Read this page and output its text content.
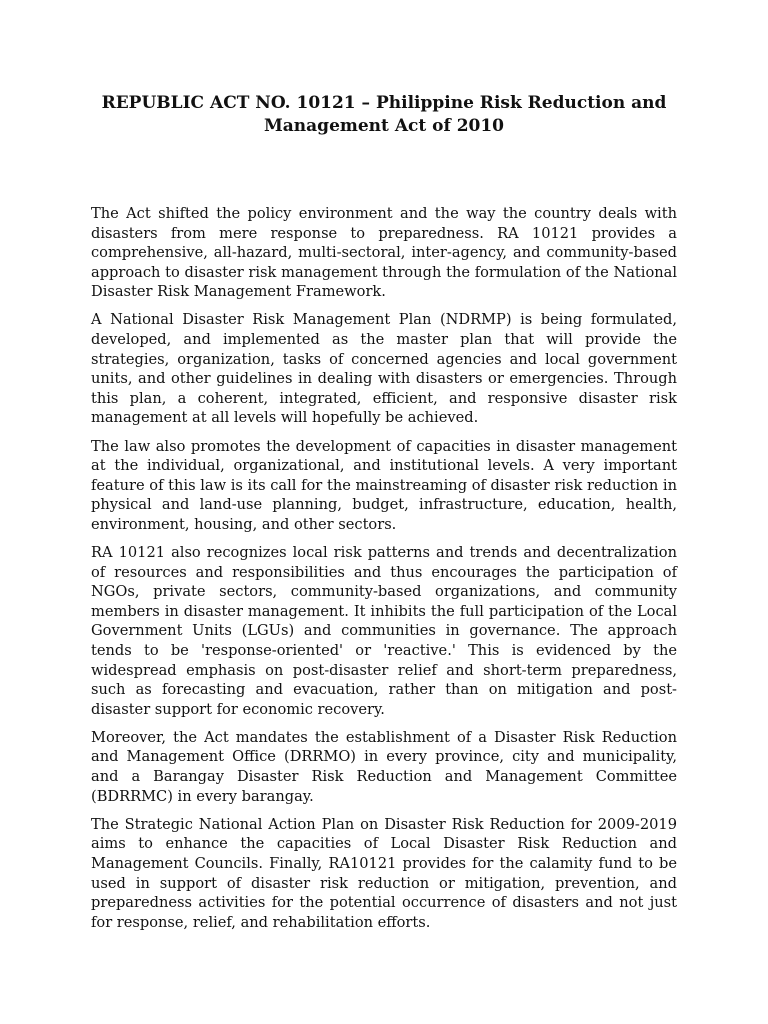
REPUBLIC ACT NO. 10121 – Philippine Risk Reduction and Management Act of 2010

The Act shifted the policy environment and the way the country deals with disasters from mere response to preparedness. RA 10121 provides a comprehensive, all-hazard, multi-sectoral, inter-agency, and community-based approach to disaster risk management through the formulation of the National Disaster Risk Management Framework.

A National Disaster Risk Management Plan (NDRMP) is being formulated, developed, and implemented as the master plan that will provide the strategies, organization, tasks of concerned agencies and local government units, and other guidelines in dealing with disasters or emergencies. Through this plan, a coherent, integrated, efficient, and responsive disaster risk management at all levels will hopefully be achieved.

The law also promotes the development of capacities in disaster management at the individual, organizational, and institutional levels. A very important feature of this law is its call for the mainstreaming of disaster risk reduction in physical and land-use planning, budget, infrastructure, education, health, environment, housing, and other sectors.

RA 10121 also recognizes local risk patterns and trends and decentralization of resources and responsibilities and thus encourages the participation of NGOs, private sectors, community-based organizations, and community members in disaster management. It inhibits the full participation of the Local Government Units (LGUs) and communities in governance. The approach tends to be 'response-oriented' or 'reactive.' This is evidenced by the widespread emphasis on post-disaster relief and short-term preparedness, such as forecasting and evacuation, rather than on mitigation and post- disaster support for economic recovery.

Moreover, the Act mandates the establishment of a Disaster Risk Reduction and Management Office (DRRMO) in every province, city and municipality, and a Barangay Disaster Risk Reduction and Management Committee (BDRRMC) in every barangay.

The Strategic National Action Plan on Disaster Risk Reduction for 2009-2019 aims to enhance the capacities of Local Disaster Risk Reduction and Management Councils. Finally, RA10121 provides for the calamity fund to be used in support of disaster risk reduction or mitigation, prevention, and preparedness activities for the potential occurrence of disasters and not just for response, relief, and rehabilitation efforts.
